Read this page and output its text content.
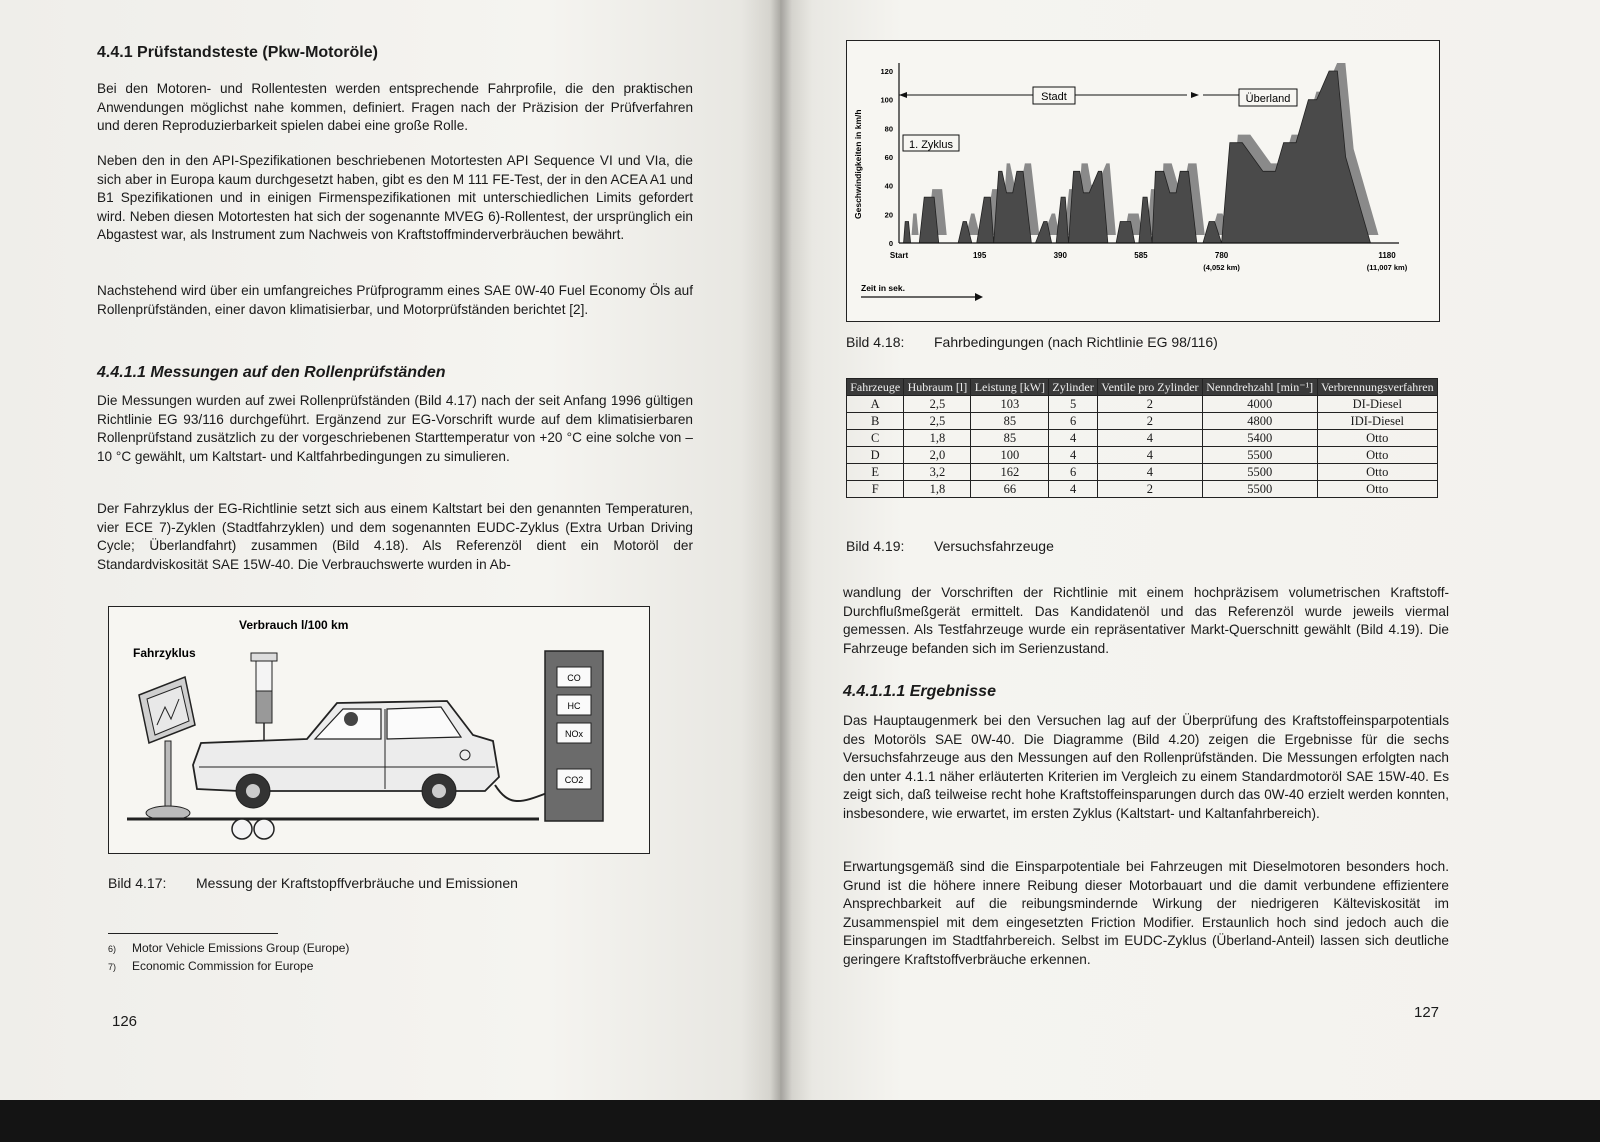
4.4.1 Prüfstandsteste (Pkw-Motoröle)

Bei den Motoren- und Rollentesten werden entsprechende Fahrprofile, die den praktischen Anwendungen möglichst nahe kommen, definiert. Fragen nach der Präzision der Prüfverfahren und deren Reproduzierbarkeit spielen dabei eine große Rolle.

Neben den in den API-Spezifikationen beschriebenen Motortesten API Sequence VI und VIa, die sich aber in Europa kaum durchgesetzt haben, gibt es den M 111 FE-Test, der in den ACEA A1 und B1 Spezifikationen und in einigen Firmenspezifikationen mit unterschiedlichen Limits gefordert wird. Neben diesen Motortesten hat sich der sogenannte MVEG 6)-Rollentest, der ursprünglich ein Abgastest war, als Instrument zum Nachweis von Kraftstoffminderverbräuchen bewährt.

Nachstehend wird über ein umfangreiches Prüfprogramm eines SAE 0W-40 Fuel Economy Öls auf Rollenprüfständen, einer davon klimatisierbar, und Motorprüfständen berichtet [2].

4.4.1.1 Messungen auf den Rollenprüfständen

Die Messungen wurden auf zwei Rollenprüfständen (Bild 4.17) nach der seit Anfang 1996 gültigen Richtlinie EG 93/116 durchgeführt. Ergänzend zur EG-Vorschrift wurde auf dem klimatisierbaren Rollenprüfstand zusätzlich zu der vorgeschriebenen Starttemperatur von +20 °C eine solche von –10 °C gewählt, um Kaltstart- und Kaltfahrbedingungen zu simulieren.

Der Fahrzyklus der EG-Richtlinie setzt sich aus einem Kaltstart bei den genannten Temperaturen, vier ECE 7)-Zyklen (Stadtfahrzyklen) und dem sogenannten EUDC-Zyklus (Extra Urban Driving Cycle; Überlandfahrt) zusammen (Bild 4.18). Als Referenzöl dient ein Motoröl der Standardviskosität SAE 15W-40. Die Verbrauchswerte wurden in Ab-

Verbrauch l/100 km
Fahrzyklus
CO
HC
NOx
CO2

Bild 4.17: Messung der Kraftstopffverbräuche und Emissionen

6) Motor Vehicle Emissions Group (Europe)

7) Economic Commission for Europe

126

Geschwindigkeiten in km/h
0
20
40
60
80
100
120
Start	195	390	585	780
(4,052 km)
1180
(11,007 km)
Zeit in sek.
Stadt	Überland
1. Zyklus

Bild 4.18: Fahrbedingungen (nach Richtlinie EG 98/116)

Fahrzeuge	Hubraum [l]	Leistung [kW]	Zylinder	Ventile pro Zylinder	Nenndrehzahl [min⁻¹]	Verbrennungsverfahren
A	2,5	103	5	2	4000	DI-Diesel
B	2,5	85	6	2	4800	IDI-Diesel
C	1,8	85	4	4	5400	Otto
D	2,0	100	4	4	5500	Otto
E	3,2	162	6	4	5500	Otto
F	1,8	66	4	2	5500	Otto

Bild 4.19: Versuchsfahrzeuge

wandlung der Vorschriften der Richtlinie mit einem hochpräzisem volumetrischen Kraftstoff-Durchflußmeßgerät ermittelt. Das Kandidatenöl und das Referenzöl wurde jeweils viermal gemessen. Als Testfahrzeuge wurde ein repräsentativer Markt-Querschnitt gewählt (Bild 4.19). Die Fahrzeuge befanden sich im Serienzustand.

4.4.1.1.1 Ergebnisse

Das Hauptaugenmerk bei den Versuchen lag auf der Überprüfung des Kraftstoffeinsparpotentials des Motoröls SAE 0W-40. Die Diagramme (Bild 4.20) zeigen die Ergebnisse für die sechs Versuchsfahrzeuge aus den Messungen auf den Rollenprüfständen. Die Messungen erfolgten nach den unter 4.1.1 näher erläuterten Kriterien im Vergleich zu einem Standardmotoröl SAE 15W-40. Es zeigt sich, daß teilweise recht hohe Kraftstoffeinsparungen durch das 0W-40 erzielt werden konnten, insbesondere, wie erwartet, im ersten Zyklus (Kaltstart- und Kaltanfahrbereich).

Erwartungsgemäß sind die Einsparpotentiale bei Fahrzeugen mit Dieselmotoren besonders hoch. Grund ist die höhere innere Reibung dieser Motorbauart und die damit verbundene effizientere Ansprechbarkeit auf die reibungsmindernde Wirkung der niedrigeren Kälteviskosität im Zusammenspiel mit dem eingesetzten Friction Modifier. Erstaunlich hoch sind jedoch auch die Einsparungen im Stadtfahrbereich. Selbst im EUDC-Zyklus (Überland-Anteil) lassen sich deutliche geringere Kraftstoffverbräuche erkennen.

127
